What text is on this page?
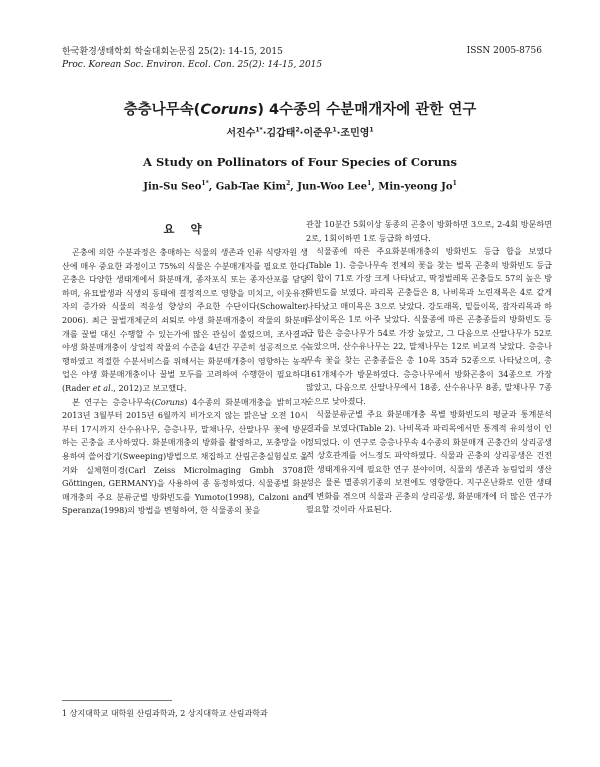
한국환경생태학회 학술대회논문집 25(2): 14-15, 2015
Proc. Korean Soc. Environ. Ecol. Con. 25(2): 14-15, 2015
ISSN 2005-8756
층층나무속(Coruns) 4수종의 수분매개자에 관한 연구
서진수$^{1*}$·김갑태$^2$·이준우$^1$·조민영$^1$
A Study on Pollinators of Four Species of Coruns
Jin-Su Seo$^{1*}$, Gab-Tae Kim$^2$, Jun-Woo Lee$^1$, Min-yeong Jo$^1$
요 약

곤충에 의한 수분과정은 충매하는 식물의 생존과 인류 식량자원 생산에 매우 중요한 과정이고 75%의 식물은 수분매개자를 필요로 한다. 곤충은 다양한 생태계에서 화분매개, 종자포식 또는 종자산포를 담당하며, 유묘발생과 식생의 동태에 결정적으로 영향을 미치고, 이웃유전자의 증가와 식물의 적응성 향상의 주요한 수단이다(Schowalter, 2006). 최근 꿀벌개체군의 쇠퇴로 야생 화분매개충이 작물의 화분매개를 꿀벌 대신 수행할 수 있는가에 많은 관심이 쏠렸으며, 조사결과 야생 화분매개충이 상업적 작물의 수준을 4년간 꾸준히 성공적으로 수행하였고 적절한 수분서비스를 위해서는 화분매개충이 영향하는 농작업은 야생 화분매개충이나 꿀벌 모두를 고려하여 수행한이 필요하다(Rader et al., 2012)고 보고했다.

본 연구는 층층나무속(Coruns) 4수종의 화분매개충을 밝히고자 2013년 3월부터 2015년 6월까지 비가오지 않는 맑은날 오전 10시부터 17시까지 산수유나무, 층층나무, 말채나무, 산딸나무 꽃에 방문하는 곤충을 조사하였다. 화분매개충의 방화를 촬영하고, 포충망을 이용하여 쓸어잡기(Sweeping)방법으로 채집하고 산림곤충실험실로 옮겨와 실체현미경(Carl Zeiss Microlmaging Gmbh 37081 Göttingen, GERMANY)을 사용하여 종 동정하였다. 식물종별 화분매개충의 주요 분류군별 방화빈도를 Yumoto(1998), Calzoni and Speranza(1998)의 방법을 변형하여, 한 식물종의 꽃을

관찰 10분간 5회이상 동종의 곤충이 방화하면 3으로, 2-4회 방문하면 2로, 1회이하면 1로 등급화 하였다.

식물종에 따른 주요화분매개충의 방화빈도 등급 합을 보였다(Table 1). 층층나무속 전체의 꽃을 찾는 벌목 곤충의 방화빈도 등급의 합이 71로 가장 크게 나타났고, 딱정벌레목 곤충들도 57의 높은 방화빈도를 보였다. 파리목 곤충들은 8, 나비목과 노린재목은 4로 같게 나타났고 매미목은 3으로 낮았다. 강도래목, 밑들이목, 잠자리목과 하루살이목은 1로 아주 낮았다. 식물종에 따른 곤충종들의 방화빈도 등급 합은 층층나무가 54로 가장 높았고, 그 다음으로 산딸나무가 52로 높았으며, 산수유나무는 22, 말채나무는 12로 비교적 낮았다. 층층나무속 꽃을 찾는 곤충종들은 총 10목 35과 52종으로 나타났으며, 총 161개체수가 방문하였다. 층층나무에서 방화곤충이 34종으로 가장 많았고, 다음으로 산딸나무에서 18종, 산수유나무 8종, 말채나무 7종 순으로 낮아졌다.

식물분류군별 주요 화분매개충 목별 방화빈도의 평균과 통계분석 결과를 보였다(Table 2). 나비목과 파리목에서만 통계적 유의성이 인정되었다. 이 연구로 층층나무속 4수종의 화분매개 곤충간의 상리공생적 상호관계를 어느정도 파악하였다. 식물과 곤충의 상리공생은 건전한 생태계유지에 필요한 연구 분야이며, 식물의 생존과 농림업의 생산성은 물론 멸종위기종의 보전에도 영향한다. 지구온난화로 인한 생태계 변화를 겪으며 식물과 곤충의 상리공생, 화분매개에 더 많은 연구가 필요할 것이라 사료된다.

1 상지대학교 대학원 산림과학과, 2 상지대학교 산림과학과
